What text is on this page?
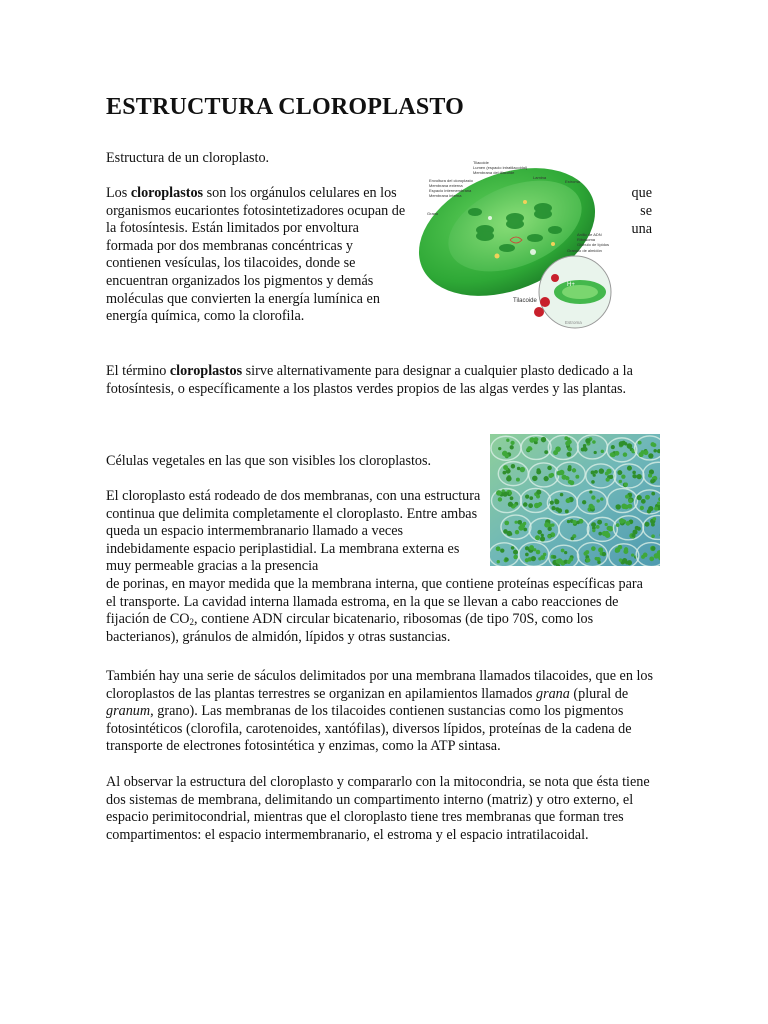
ESTRUCTURA CLOROPLASTO

Estructura de un cloroplasto.

Los cloroplastos son los orgánulos celulares en los organismos eucariontes fotosintetizadores ocupan de la fotosíntesis. Están limitados por envoltura formada por dos membranas concéntricas y contienen vesículas, los tilacoides, donde se encuentran organizados los pigmentos y demás moléculas que convierten la energía lumínica en energía química, como la clorofila.

que
se
una
Tilacoide
Lumen (espacio intratilacoidal)
Membrana del tilacoide
Lamina
Estroma
Envoltura del cloroplasto
Membrana externa
Espacio intermembrana
Membrana interna
Grano
Anillo de ADN
Ribosoma
Glóbulo de lípidos
Granulo de almidón
H+
Tilacoide
Estroma

El término cloroplastos sirve alternativamente para designar a cualquier plasto dedicado a la fotosíntesis, o específicamente a los plastos verdes propios de las algas verdes y las plantas.

Células vegetales en las que son visibles los cloroplastos.

El cloroplasto está rodeado de dos membranas, con una estructura continua que delimita completamente el cloroplasto. Entre ambas queda un espacio intermembranario llamado a veces indebidamente espacio periplastidial. La membrana externa es muy permeable gracias a la presencia
de porinas, en mayor medida que la membrana interna, que contiene proteínas específicas para el transporte. La cavidad interna llamada estroma, en la que se llevan a cabo reacciones de fijación de $CO_2$, contiene ADN circular bicatenario, ribosomas (de tipo 70S, como los bacterianos), gránulos de almidón, lípidos y otras sustancias.

También hay una serie de sáculos delimitados por una membrana llamados tilacoides, que en los cloroplastos de las plantas terrestres se organizan en apilamientos llamados grana (plural de granum, grano). Las membranas de los tilacoides contienen sustancias como los pigmentos fotosintéticos (clorofila, carotenoides, xantófilas), diversos lípidos, proteínas de la cadena de transporte de electrones fotosintética y enzimas, como la ATP sintasa.

Al observar la estructura del cloroplasto y compararlo con la mitocondria, se nota que ésta tiene dos sistemas de membrana, delimitando un compartimento interno (matriz) y otro externo, el espacio perimitocondrial, mientras que el cloroplasto tiene tres membranas que forman tres compartimentos: el espacio intermembranario, el estroma y el espacio intratilacoidal.
